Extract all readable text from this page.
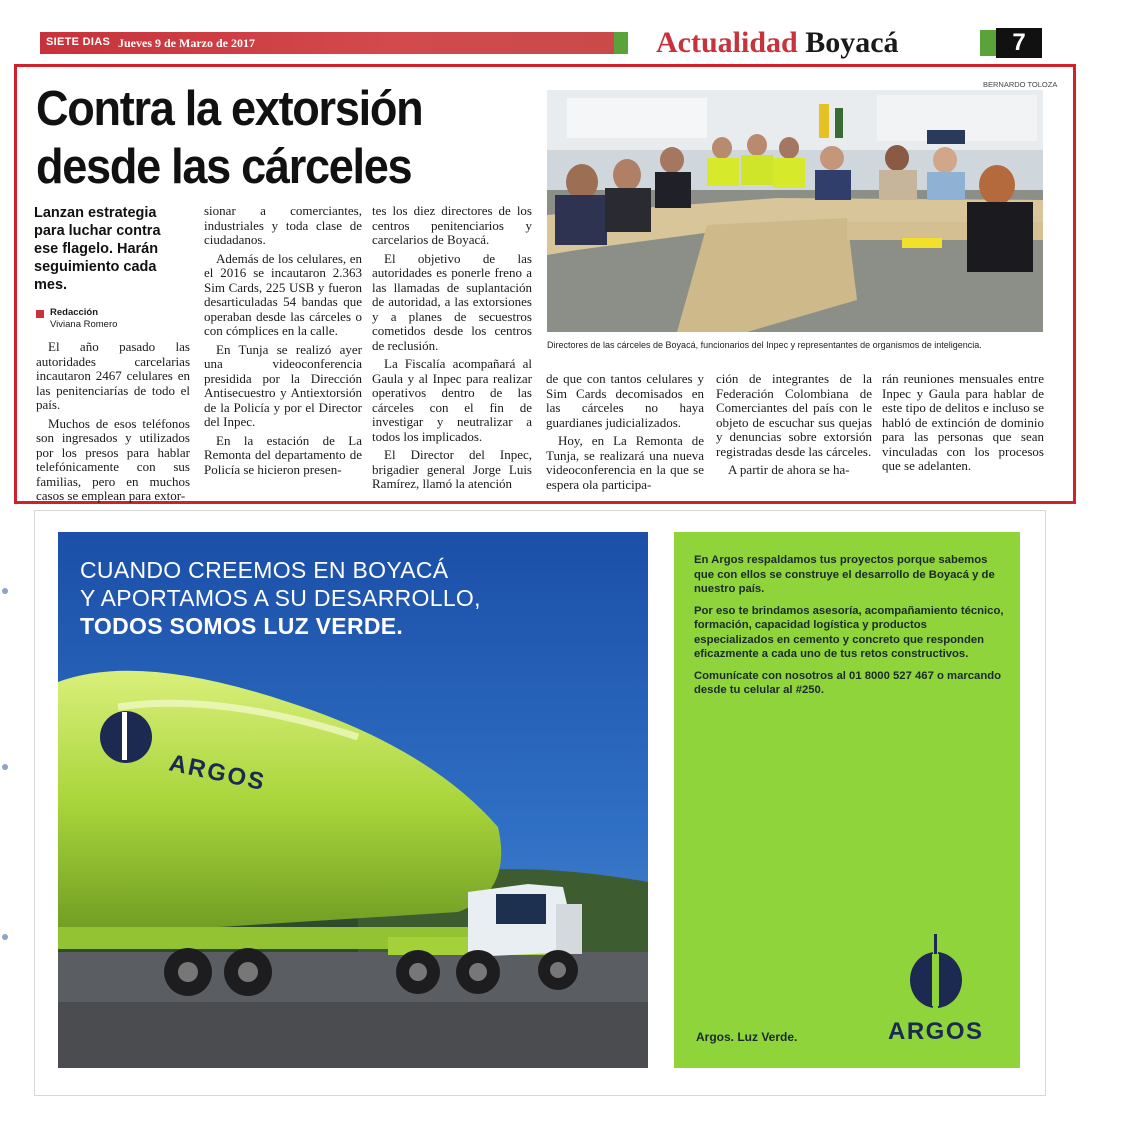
SIETE DIAS Jueves 9 de Marzo de 2017	Actualidad Boyacá	7
Contra la extorsión
desde las cárceles
Lanzan estrategia para luchar contra ese flagelo. Harán seguimiento cada mes.
Redacción
Viviana Romero

El año pasado las autoridades carcelarias incautaron 2467 celulares en las penitenciarías de todo el país.

Muchos de esos teléfonos son ingresados y utilizados por los presos para hablar telefónicamente con sus familias, pero en muchos casos se emplean para extor-

sionar a comerciantes, industriales y toda clase de ciudadanos.

Además de los celulares, en el 2016 se incautaron 2.363 Sim Cards, 225 USB y fueron desarticuladas 54 bandas que operaban desde las cárceles o con cómplices en la calle.

En Tunja se realizó ayer una videoconferencia presidida por la Dirección Antisecuestro y Antiextorsión de la Policía y por el Director del Inpec.

En la estación de La Remonta del departamento de Policía se hicieron presen-

tes los diez directores de los centros penitenciarios y carcelarios de Boyacá.

El objetivo de las autoridades es ponerle freno a las llamadas de suplantación de autoridad, a las extorsiones y a planes de secuestros cometidos desde los centros de reclusión.

La Fiscalía acompañará al Gaula y al Inpec para realizar operativos dentro de las cárceles con el fin de investigar y neutralizar a todos los implicados.

El Director del Inpec, brigadier general Jorge Luis Ramírez, llamó la atención

de que con tantos celulares y Sim Cards decomisados en las cárceles no haya guardianes judicializados.

Hoy, en La Remonta de Tunja, se realizará una nueva videoconferencia en la que se espera ola participa-

ción de integrantes de la Federación Colombiana de Comerciantes del país con le objeto de escuchar sus quejas y denuncias sobre extorsión registradas desde las cárceles.

A partir de ahora se ha-

rán reuniones mensuales entre Inpec y Gaula para hablar de este tipo de delitos e incluso se habló de extinción de dominio para las personas que sean vinculadas con los procesos que se adelanten.

BERNARDO TOLOZA
Directores de las cárceles de Boyacá, funcionarios del Inpec y representantes de organismos de inteligencia.
ARGOS
CUANDO CREEMOS EN BOYACÁ
Y APORTAMOS A SU DESARROLLO,
TODOS SOMOS LUZ VERDE.

En Argos respaldamos tus proyectos porque sabemos que con ellos se construye el desarrollo de Boyacá y de nuestro país.

Por eso te brindamos asesoría, acompañamiento técnico, formación, capacidad logística y productos especializados en cemento y concreto que responden eficazmente a cada uno de tus retos constructivos.

Comunícate con nosotros al 01 8000 527 467 o marcando desde tu celular al #250.

Argos. Luz Verde.	ARGOS
